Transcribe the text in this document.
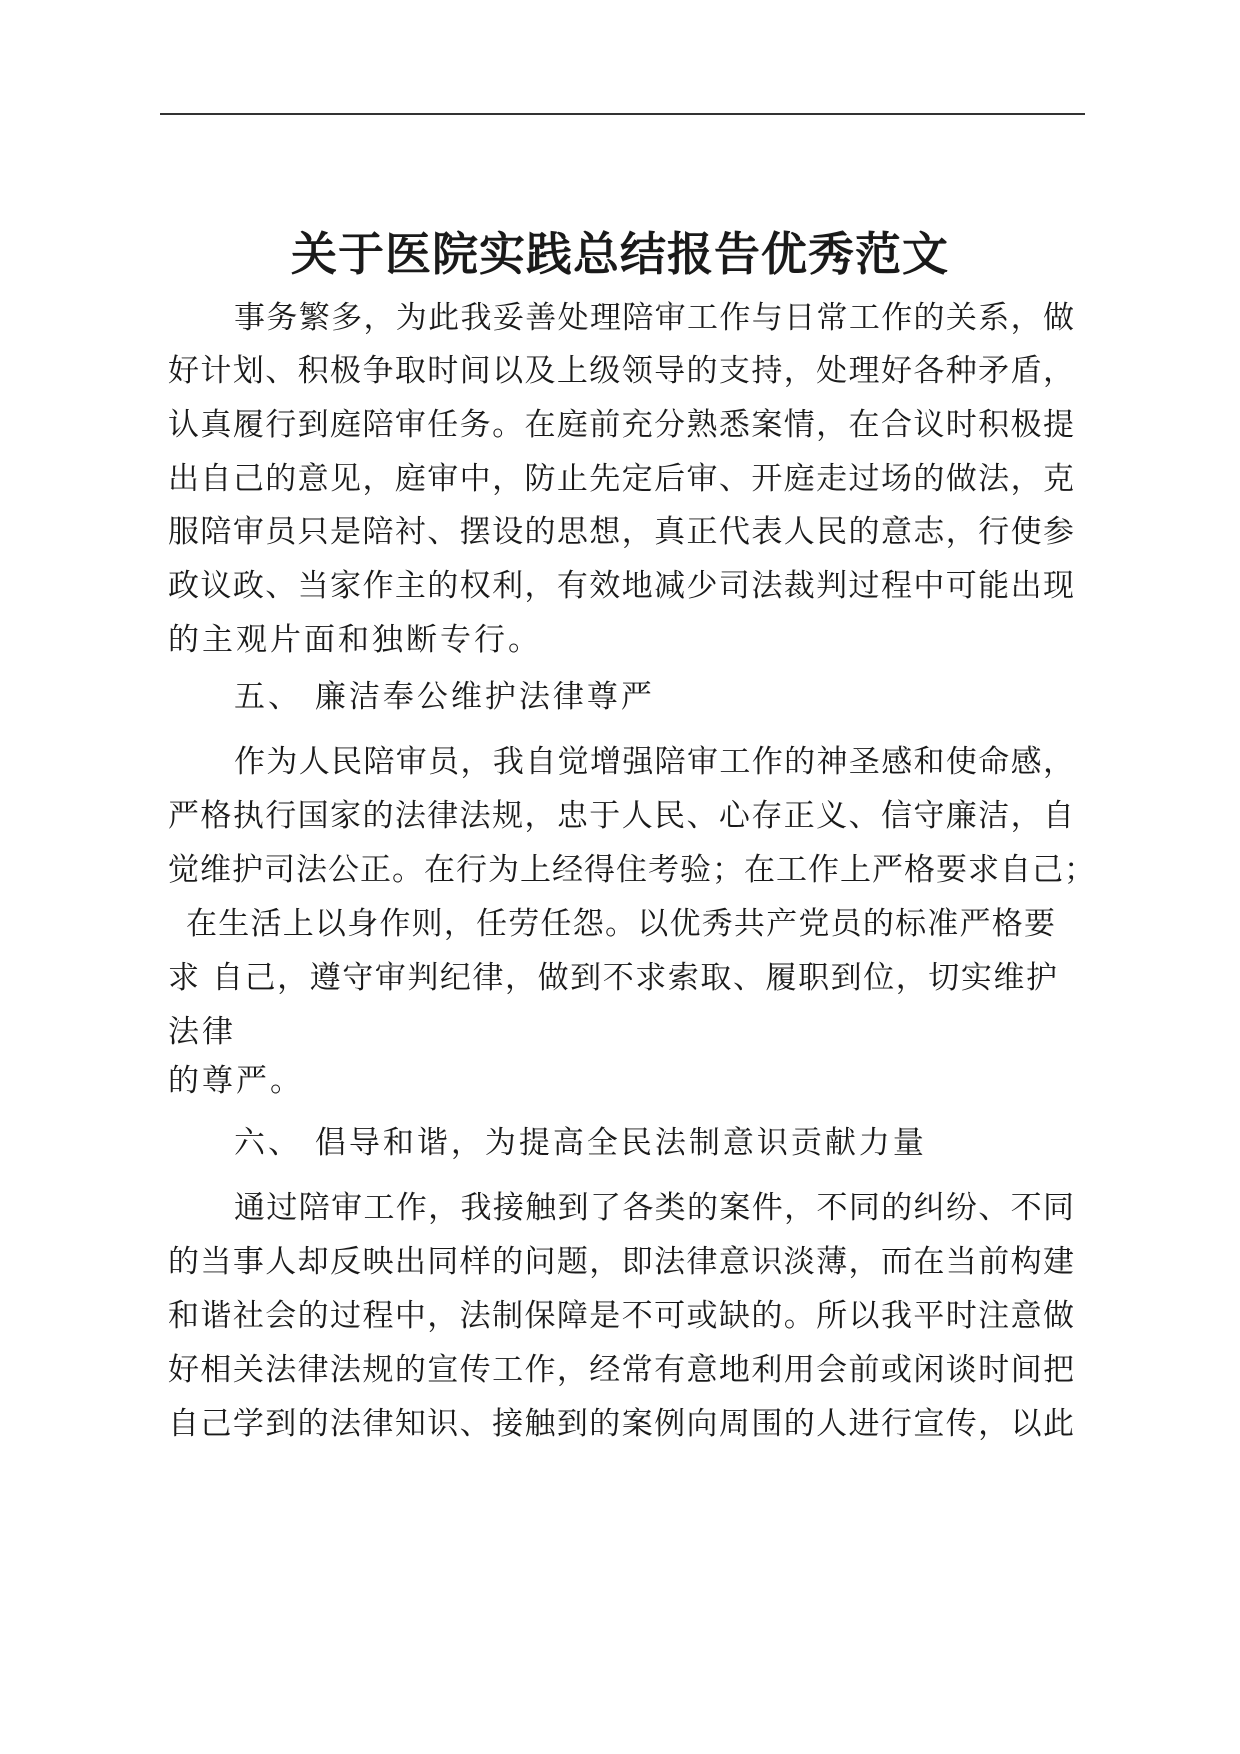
关于医院实践总结报告优秀范文

事务繁多，为此我妥善处理陪审工作与日常工作的关系，做

好计划、积极争取时间以及上级领导的支持，处理好各种矛盾，

认真履行到庭陪审任务。在庭前充分熟悉案情，在合议时积极提

出自己的意见，庭审中，防止先定后审、开庭走过场的做法，克

服陪审员只是陪衬、摆设的思想，真正代表人民的意志，行使参

政议政、当家作主的权利，有效地减少司法裁判过程中可能出现

的主观片面和独断专行。

五、 廉洁奉公维护法律尊严

作为人民陪审员，我自觉增强陪审工作的神圣感和使命感，

严格执行国家的法律法规，忠于人民、心存正义、信守廉洁，自

觉维护司法公正。在行为上经得住考验；在工作上严格要求自己；

在生活上以身作则，任劳任怨。以优秀共产党员的标准严格要

求 自己，遵守审判纪律，做到不求索取、履职到位，切实维护

法律

的尊严。

六、 倡导和谐，为提高全民法制意识贡献力量

通过陪审工作，我接触到了各类的案件，不同的纠纷、不同

的当事人却反映出同样的问题，即法律意识淡薄，而在当前构建

和谐社会的过程中，法制保障是不可或缺的。所以我平时注意做

好相关法律法规的宣传工作，经常有意地利用会前或闲谈时间把

自己学到的法律知识、接触到的案例向周围的人进行宣传，以此
